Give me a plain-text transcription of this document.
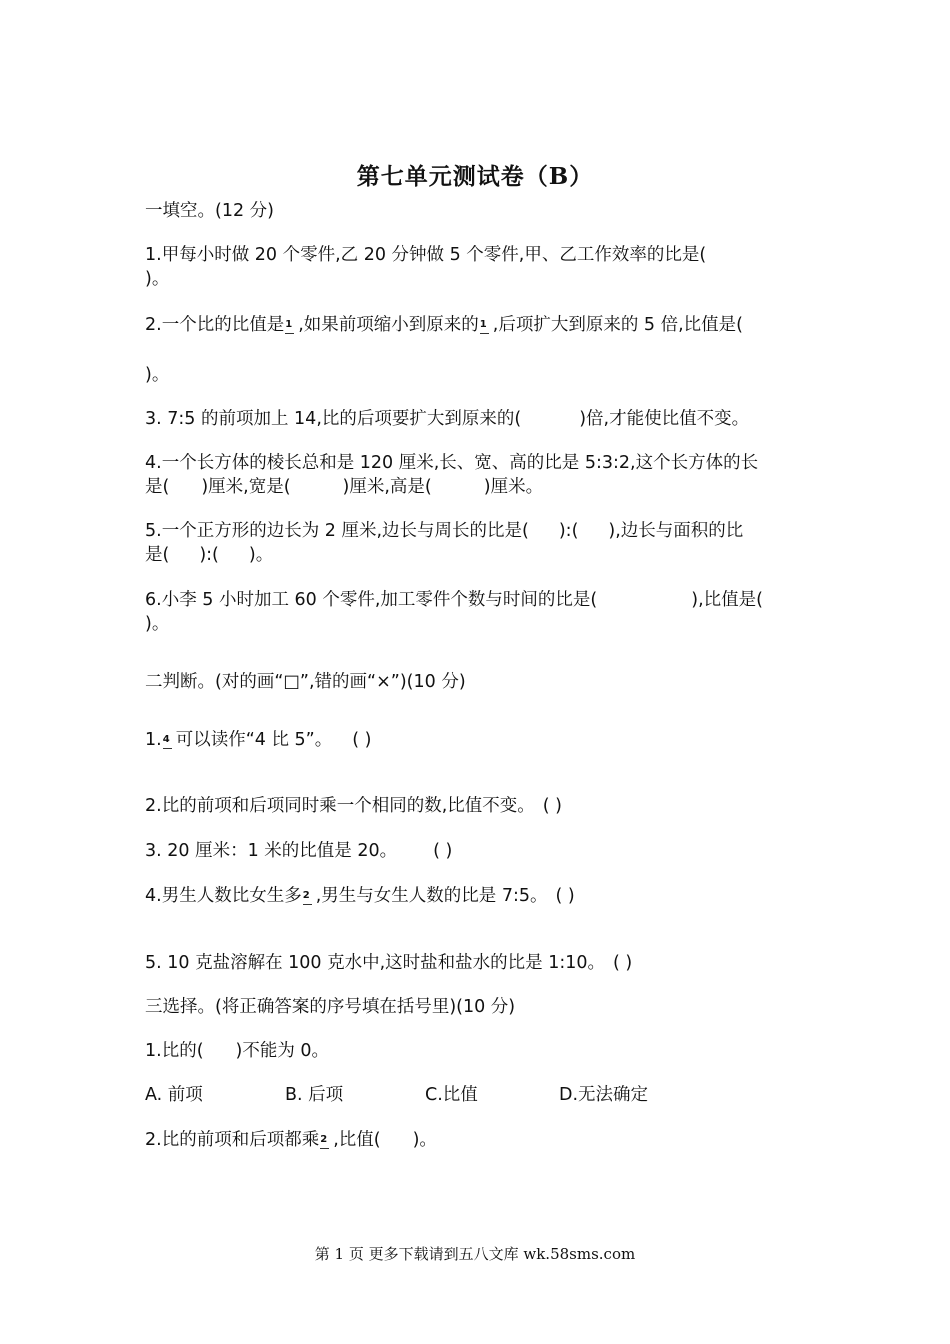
第七单元测试卷（B）
一填空。(12 分)
1.甲每小时做 20 个零件,乙 20 分钟做 5 个零件,甲、乙工作效率的比是(
)。
2.一个比的比值是 1 ,如果前项缩小到原来的 1 ,后项扩大到原来的 5 倍,比值是(
)。
3. 7:5 的前项加上 14,比的后项要扩大到原来的(	)倍,才能使比值不变。
4.一个长方体的棱长总和是 120 厘米,长、宽、高的比是 5:3:2,这个长方体的长
是( )厘米,宽是(	)厘米,高是(	)厘米。
5.一个正方形的边长为 2 厘米,边长与周长的比是( ):( ),边长与面积的比
是( ):( )。
6.小李 5 小时加工 60 个零件,加工零件个数与时间的比是(	),比值是(
)。
二判断。(对的画“□”,错的画“×”)(10 分)
1. 4 可以读作“4 比 5”。 ( )
2.比的前项和后项同时乘一个相同的数,比值不变。 ( )
3. 20 厘米：1 米的比值是 20。 ( )
4.男生人数比女生多 2 ,男生与女生人数的比是 7:5。 ( )
5. 10 克盐溶解在 100 克水中,这时盐和盐水的比是 1:10。 ( )
三选择。(将正确答案的序号填在括号里)(10 分)
1.比的( )不能为 0。
A. 前项	B. 后项	C.比值	D.无法确定
2.比的前项和后项都乘 2 ,比值( )。
第 1 页 更多下载请到五八文库 wk.58sms.com
